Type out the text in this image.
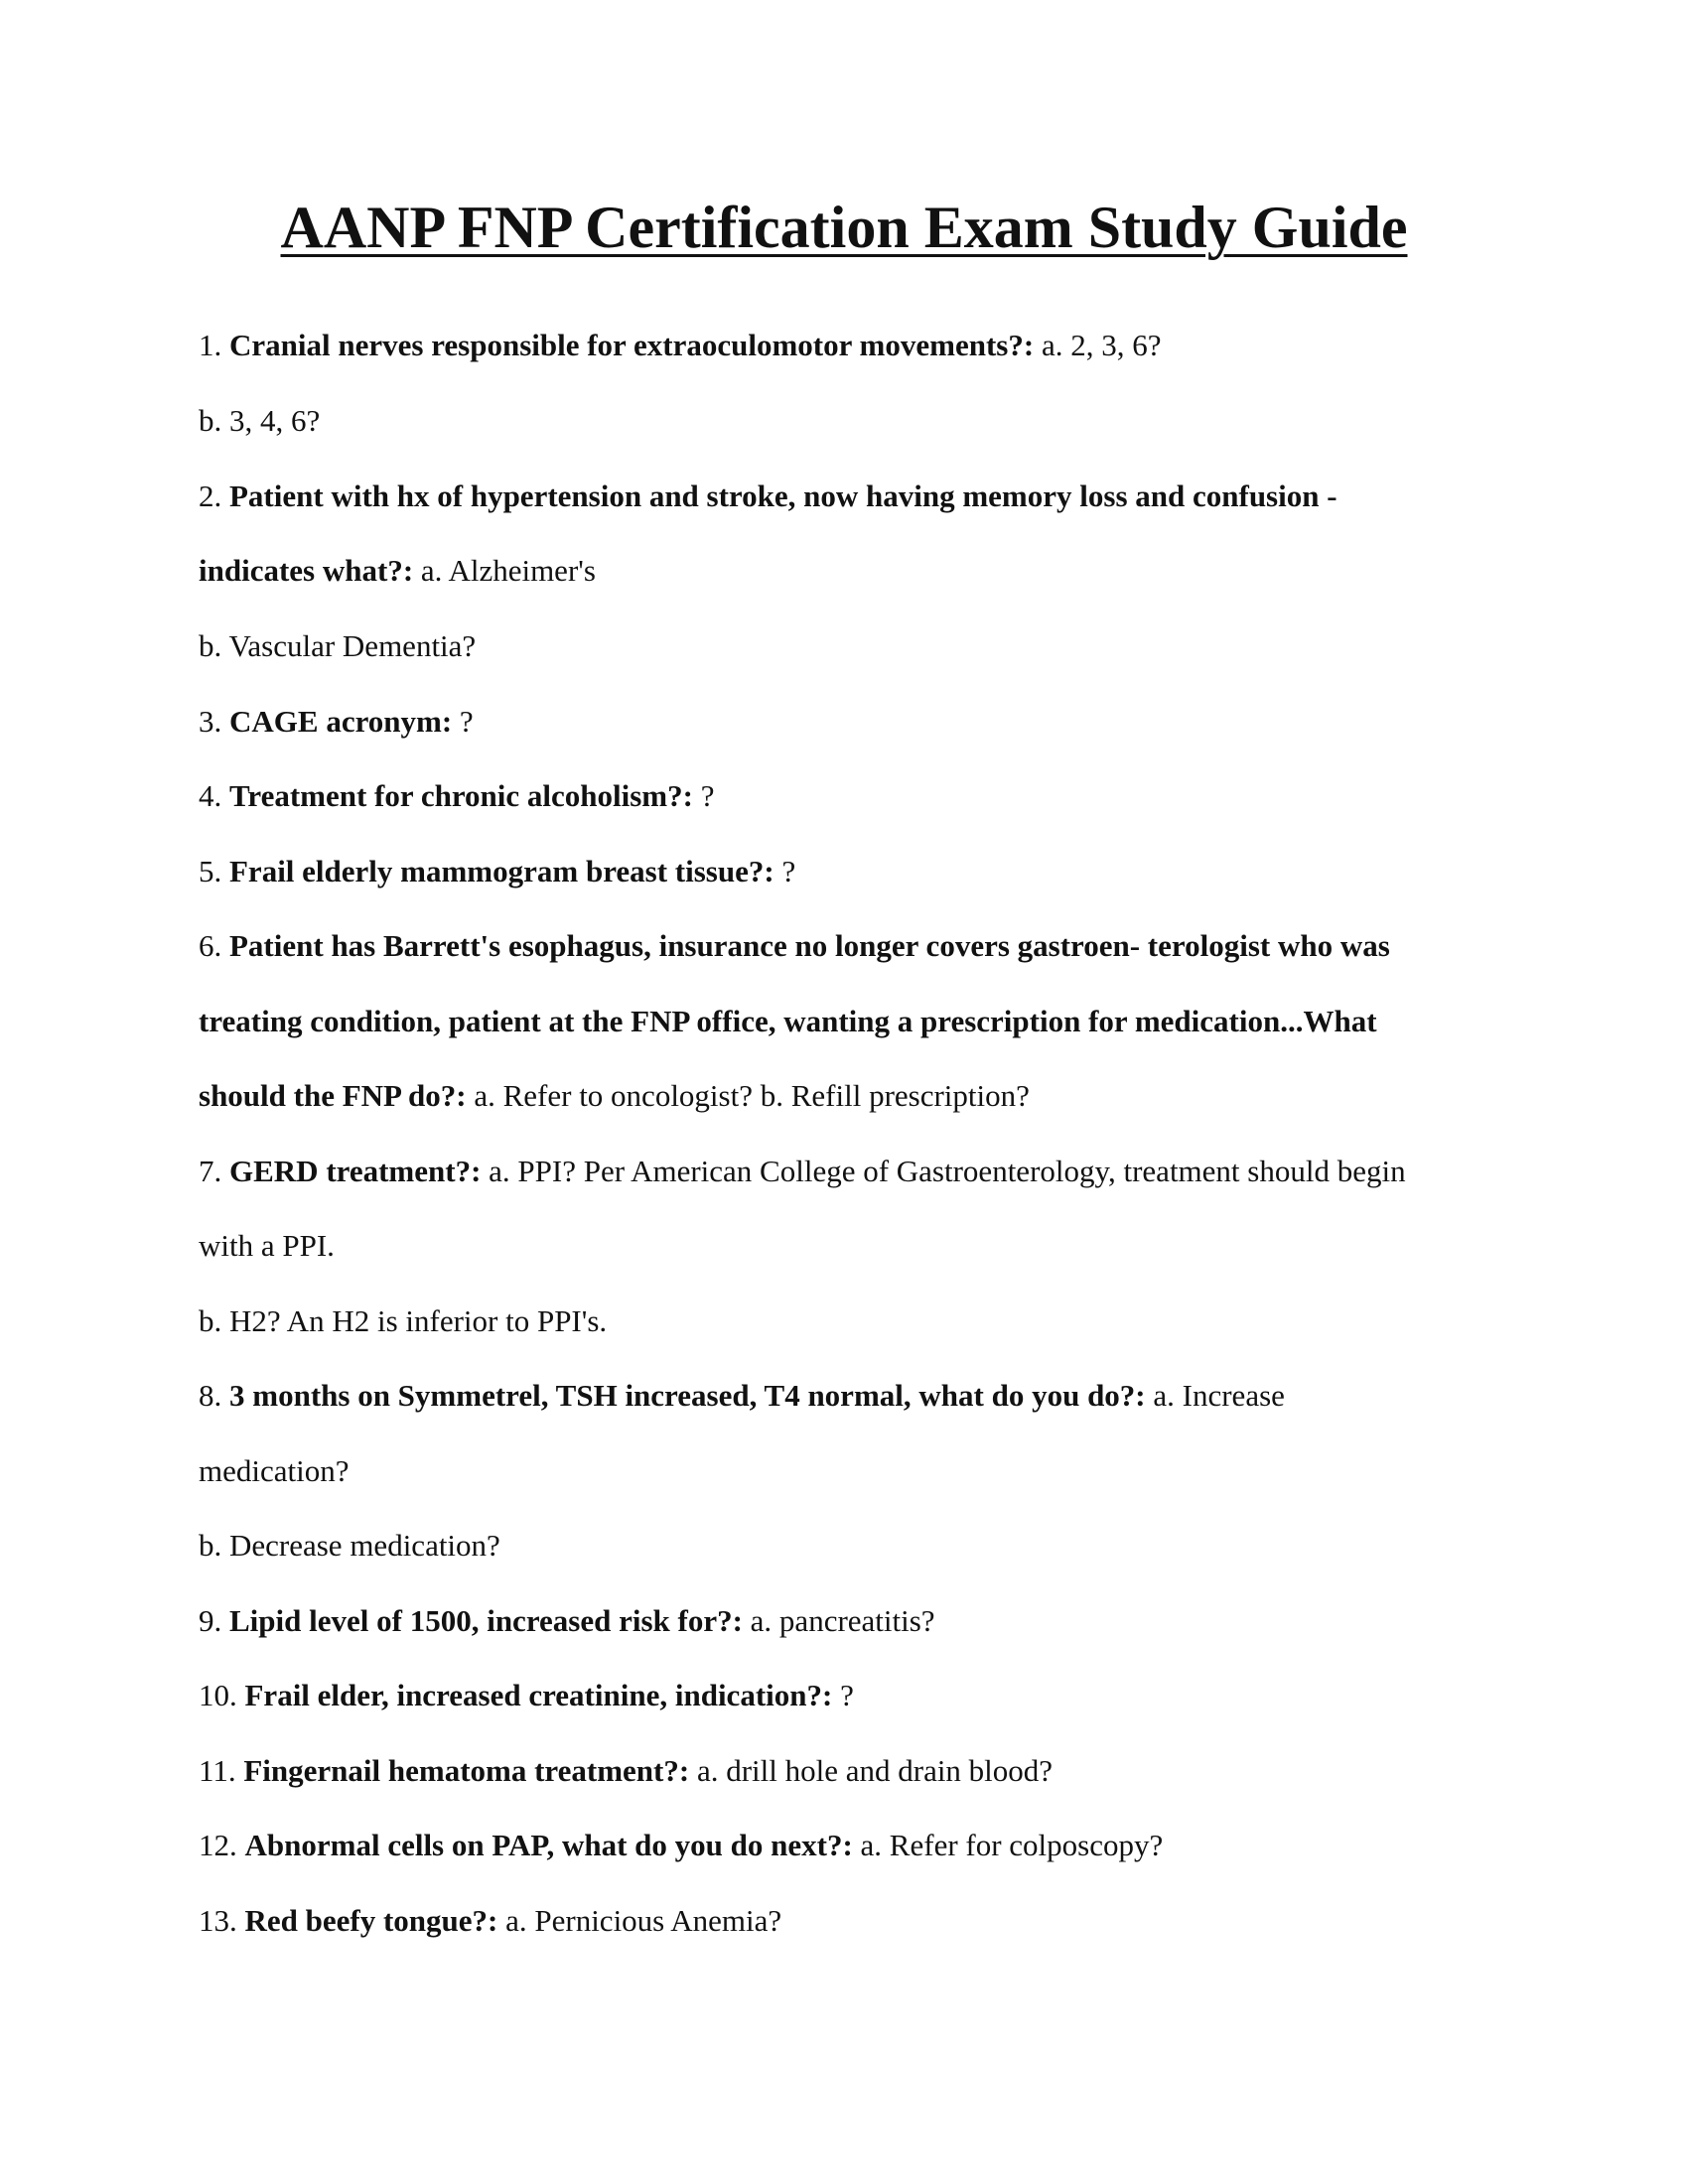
AANP FNP Certification Exam Study Guide
1. Cranial nerves responsible for extraoculomotor movements?: a. 2, 3, 6?
b. 3, 4, 6?
2. Patient with hx of hypertension and stroke, now having memory loss and confusion -
indicates what?: a. Alzheimer's
b. Vascular Dementia?
3. CAGE acronym: ?
4. Treatment for chronic alcoholism?: ?
5. Frail elderly mammogram breast tissue?: ?
6. Patient has Barrett's esophagus, insurance no longer covers gastroen- terologist who was
treating condition, patient at the FNP office, wanting a prescription for medication...What
should the FNP do?: a. Refer to oncologist? b. Refill prescription?
7. GERD treatment?: a. PPI? Per American College of Gastroenterology, treatment should begin
with a PPI.
b. H2? An H2 is inferior to PPI's.
8. 3 months on Symmetrel, TSH increased, T4 normal, what do you do?: a. Increase
medication?
b. Decrease medication?
9. Lipid level of 1500, increased risk for?: a. pancreatitis?
10. Frail elder, increased creatinine, indication?: ?
11. Fingernail hematoma treatment?: a. drill hole and drain blood?
12. Abnormal cells on PAP, what do you do next?: a. Refer for colposcopy?
13. Red beefy tongue?: a. Pernicious Anemia?
